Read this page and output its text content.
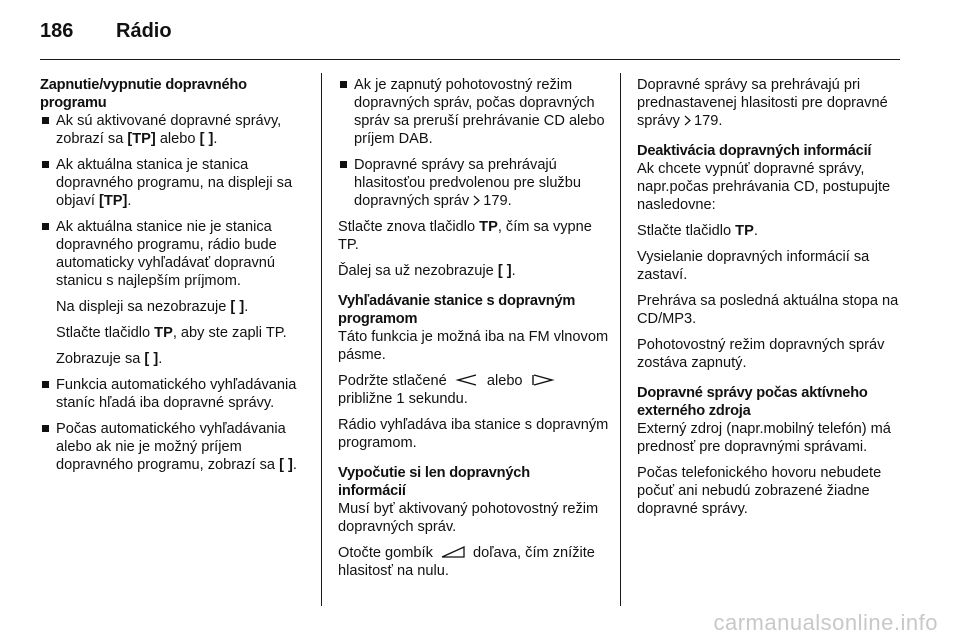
186 Rádio
Zapnutie/vypnutie dopravného
programu
Ak sú aktivované dopravné správy, zobrazí sa [TP] alebo [ ].
Ak aktuálna stanica je stanica dopravného programu, na displeji sa objaví [TP].
Ak aktuálna stanice nie je stanica dopravného programu, rádio bude automaticky vyhľadávať dopravnú stanicu s najlepším príjmom.
Na displeji sa nezobrazuje [ ].
Stlačte tlačidlo TP, aby ste zapli TP.
Zobrazuje sa [ ].
Funkcia automatického vyhľadávania staníc hľadá iba dopravné správy.
Počas automatického vyhľadávania alebo ak nie je možný príjem dopravného programu, zobrazí sa [ ].
Ak je zapnutý pohotovostný režim dopravných správ, počas dopravných správ sa preruší prehrávanie CD alebo príjem DAB.
Dopravné správy sa prehrávajú hlasitosťou predvolenou pre službu dopravných správ 179.
Stlačte znova tlačidlo TP, čím sa vypne TP.
Ďalej sa už nezobrazuje [ ].
Vyhľadávanie stanice s dopravným
programom
Táto funkcia je možná iba na FM vlnovom pásme.
Podržte stlačené	alebo  približne 1 sekundu.
Rádio vyhľadáva iba stanice s dopravným programom.
Vypočutie si len dopravných
informácií
Musí byť aktivovaný pohotovostný režim dopravných správ.
Otočte gombík	doľava, čím znížite hlasitosť na nulu.
Dopravné správy sa prehrávajú pri prednastavenej hlasitosti pre dopravné správy 179.
Deaktivácia dopravných informácií
Ak chcete vypnúť dopravné správy, napr.počas prehrávania CD, postupujte nasledovne:
Stlačte tlačidlo TP.
Vysielanie dopravných informácií sa zastaví.
Prehráva sa posledná aktuálna stopa na CD/MP3.
Pohotovostný režim dopravných správ zostáva zapnutý.
Dopravné správy počas aktívneho
externého zdroja
Externý zdroj (napr.mobilný telefón) má prednosť pre dopravnými správami.
Počas telefonického hovoru nebudete počuť ani nebudú zobrazené žiadne dopravné správy.
carmanualsonline.info
